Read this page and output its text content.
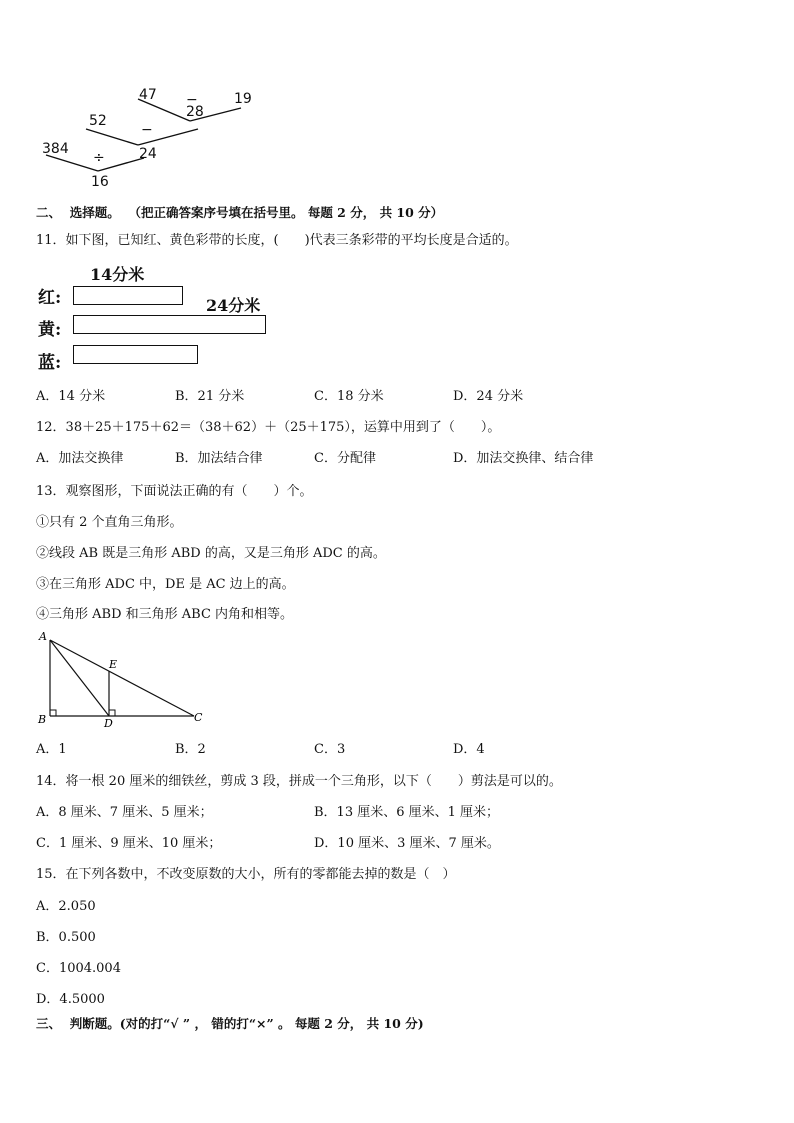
47	19
28
52
24
384
16
−
−
÷
二、 选择题。 （把正确答案序号填在括号里。 每题 2 分， 共 10 分）
11．如下图，已知红、黄色彩带的长度，(　　)代表三条彩带的平均长度是合适的。
14分米
24分米
红:
黄:
蓝:
A．14 分米	B．21 分米	C．18 分米	D．24 分米
12．38＋25＋175＋62＝（38＋62）＋（25＋175），运算中用到了（　　）。
A．加法交换律	B．加法结合律	C．分配律	D．加法交换律、结合律
13．观察图形，下面说法正确的有（　　）个。
①只有 2 个直角三角形。
②线段 AB 既是三角形 ABD 的高，又是三角形 ADC 的高。
③在三角形 ADC 中，DE 是 AC 边上的高。
④三角形 ABD 和三角形 ABC 内角和相等。
A
B	C
D
E
A．1	B．2	C．3	D．4
14．将一根 20 厘米的细铁丝，剪成 3 段，拼成一个三角形，以下（　　）剪法是可以的。
A．8 厘米、7 厘米、5 厘米；	B．13 厘米、6 厘米、1 厘米；
C．1 厘米、9 厘米、10 厘米；	D．10 厘米、3 厘米、7 厘米。
15．在下列各数中，不改变原数的大小，所有的零都能去掉的数是（　）
A．2.050
B．0.500
C．1004.004
D．4.5000
三、 判断题。(对的打“√ ” ， 错的打“×” 。 每题 2 分， 共 10 分)
